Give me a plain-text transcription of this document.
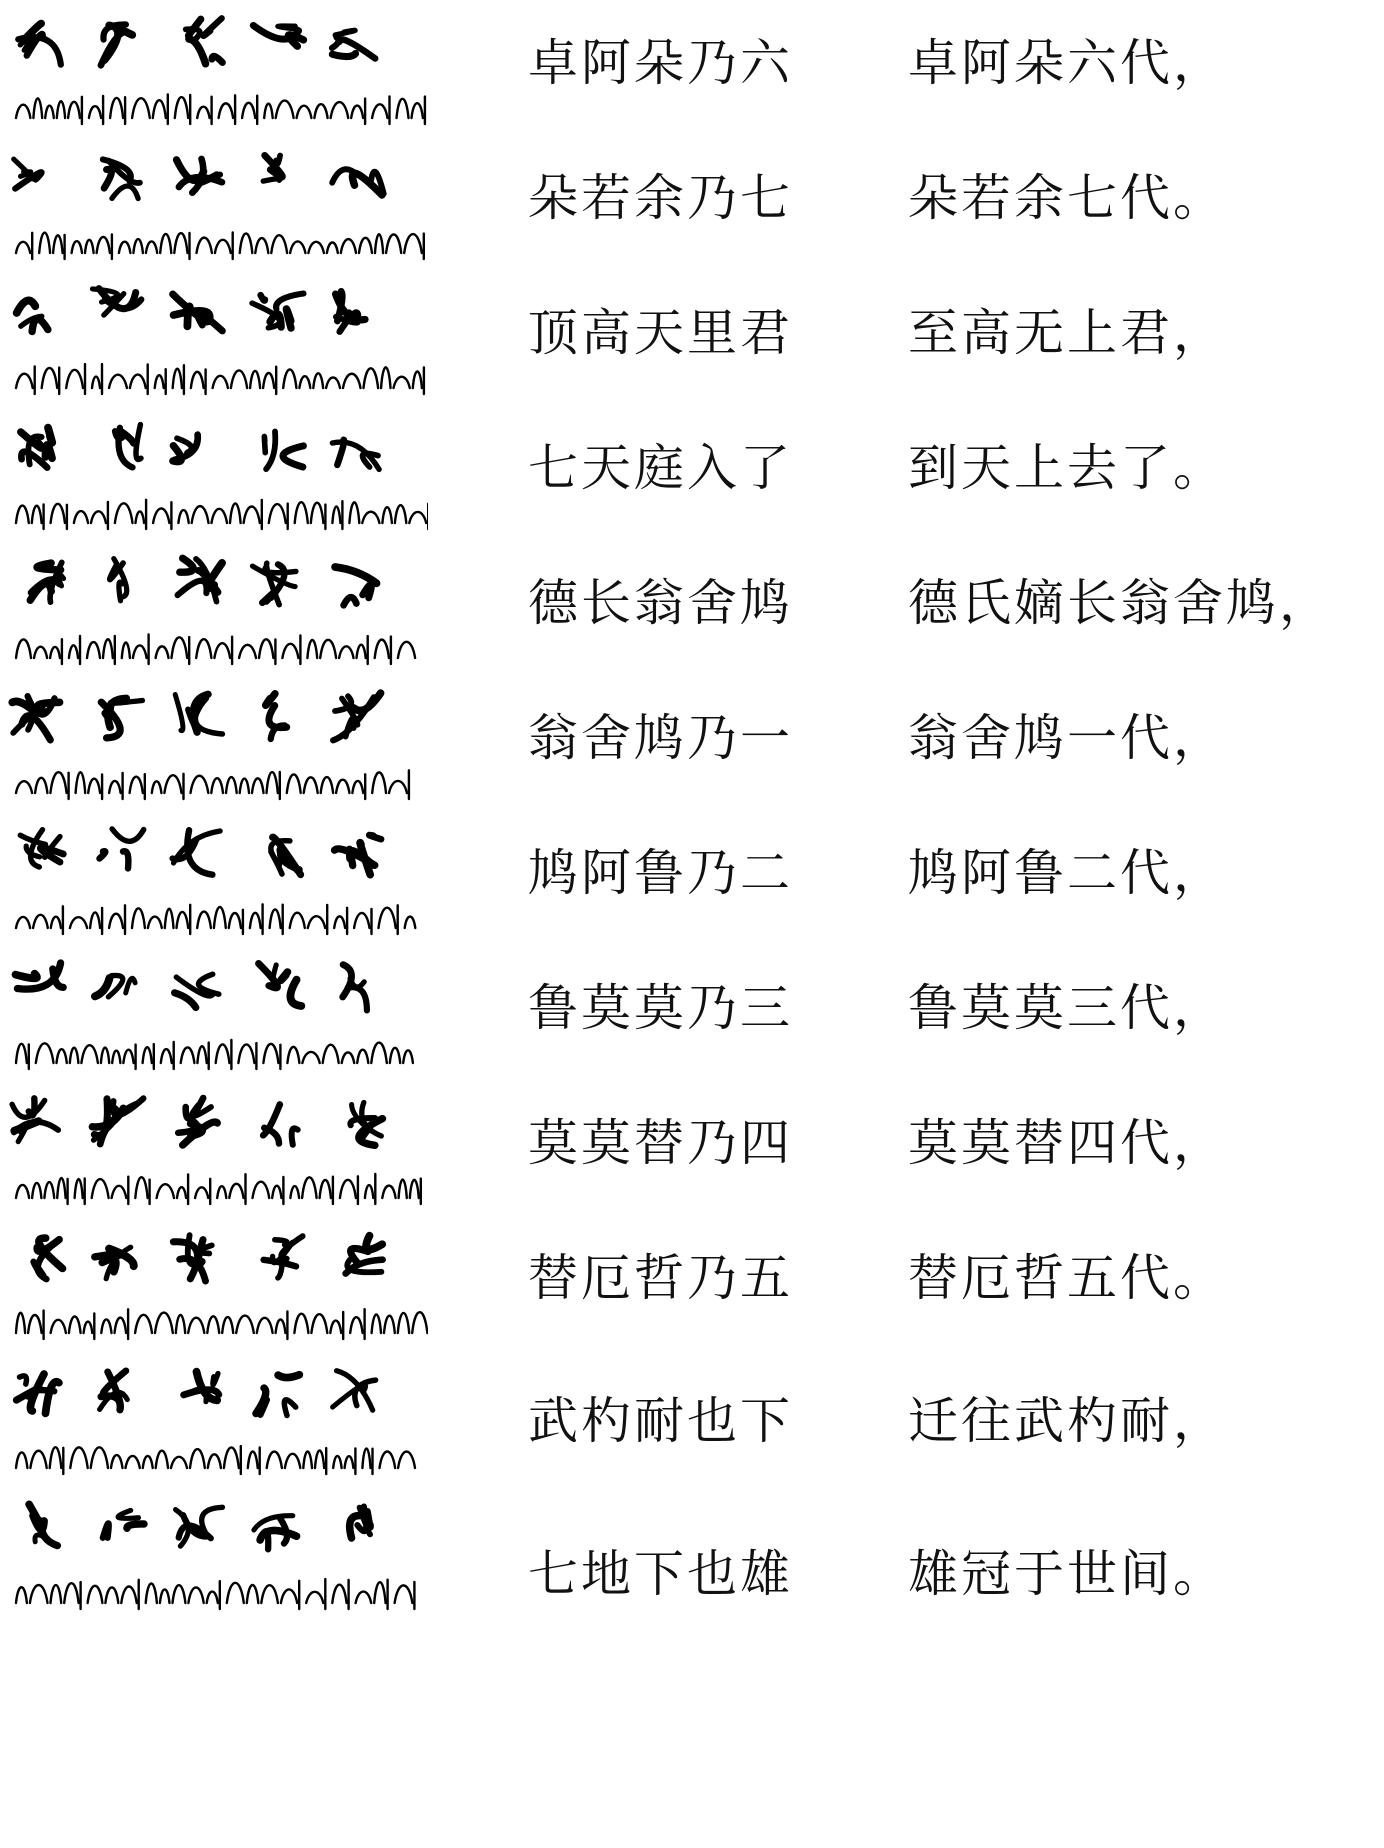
卓阿朵乃六 卓阿朵六代，
朵若余乃七 朵若余七代。
顶高天里君 至高无上君，
七天庭入了 到天上去了。
德长翁舍鸠 德氏嫡长翁舍鸠，
翁舍鸠乃一 翁舍鸠一代，
鸠阿鲁乃二 鸠阿鲁二代，
鲁莫莫乃三 鲁莫莫三代，
莫莫替乃四 莫莫替四代，
替厄哲乃五 替厄哲五代。
武杓耐也下 迁往武杓耐，
七地下也雄 雄冠于世间。
